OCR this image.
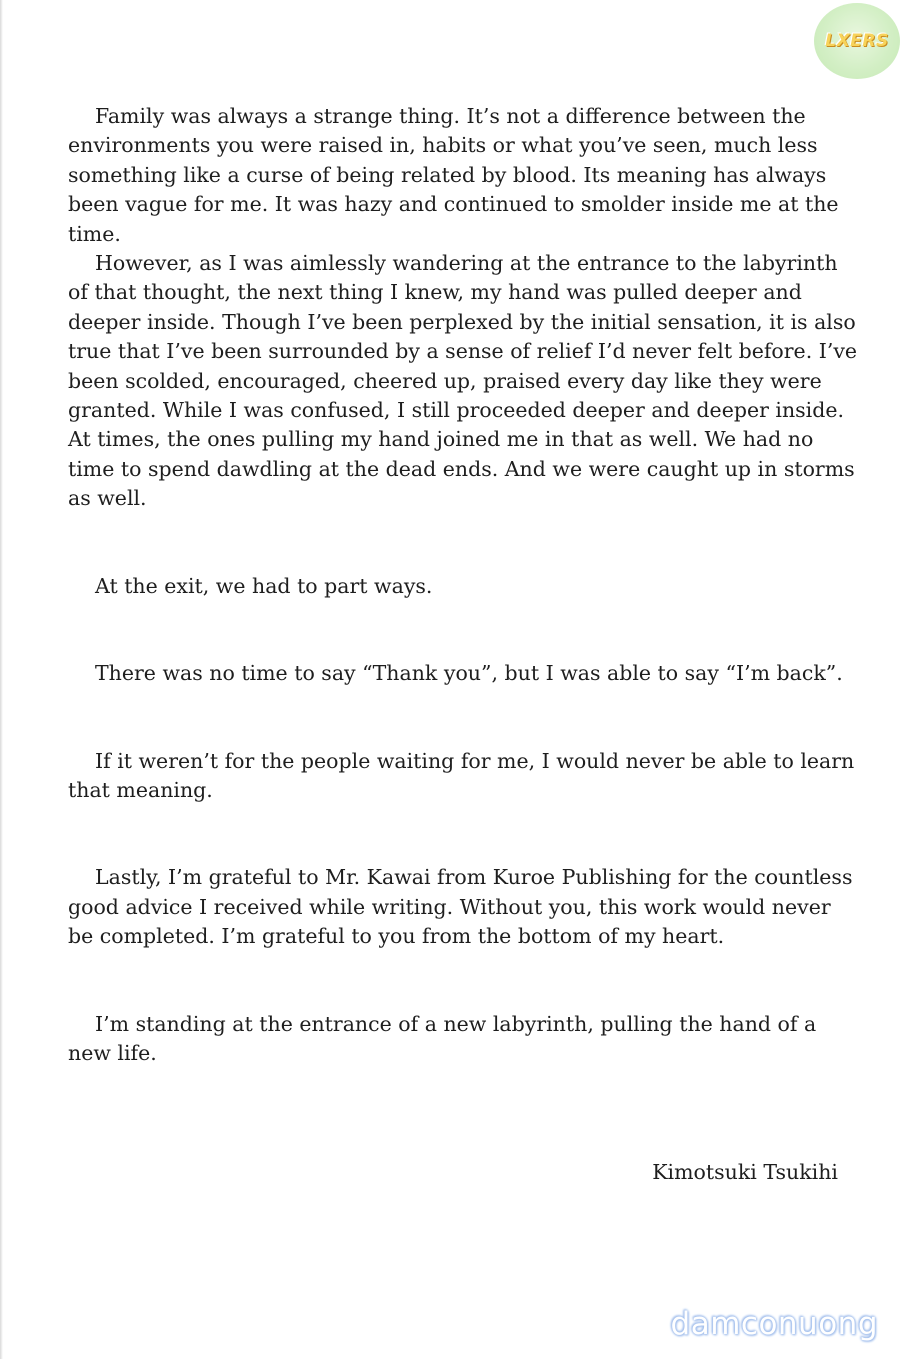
LXERS

Family was always a strange thing. It’s not a difference between the environments you were raised in, habits or what you’ve seen, much less something like a curse of being related by blood. Its meaning has always been vague for me. It was hazy and continued to smolder inside me at the time.

However, as I was aimlessly wandering at the entrance to the labyrinth of that thought, the next thing I knew, my hand was pulled deeper and deeper inside. Though I’ve been perplexed by the initial sensation, it is also true that I’ve been surrounded by a sense of relief I’d never felt before. I’ve been scolded, encouraged, cheered up, praised every day like they were granted. While I was confused, I still proceeded deeper and deeper inside. At times, the ones pulling my hand joined me in that as well. We had no time to spend dawdling at the dead ends. And we were caught up in storms as well.

At the exit, we had to part ways.

There was no time to say “Thank you”, but I was able to say “I’m back”.

If it weren’t for the people waiting for me, I would never be able to learn that meaning.

Lastly, I’m grateful to Mr. Kawai from Kuroe Publishing for the countless good advice I received while writing. Without you, this work would never be completed. I’m grateful to you from the bottom of my heart.

I’m standing at the entrance of a new labyrinth, pulling the hand of a new life.

Kimotsuki Tsukihi
damconuong
